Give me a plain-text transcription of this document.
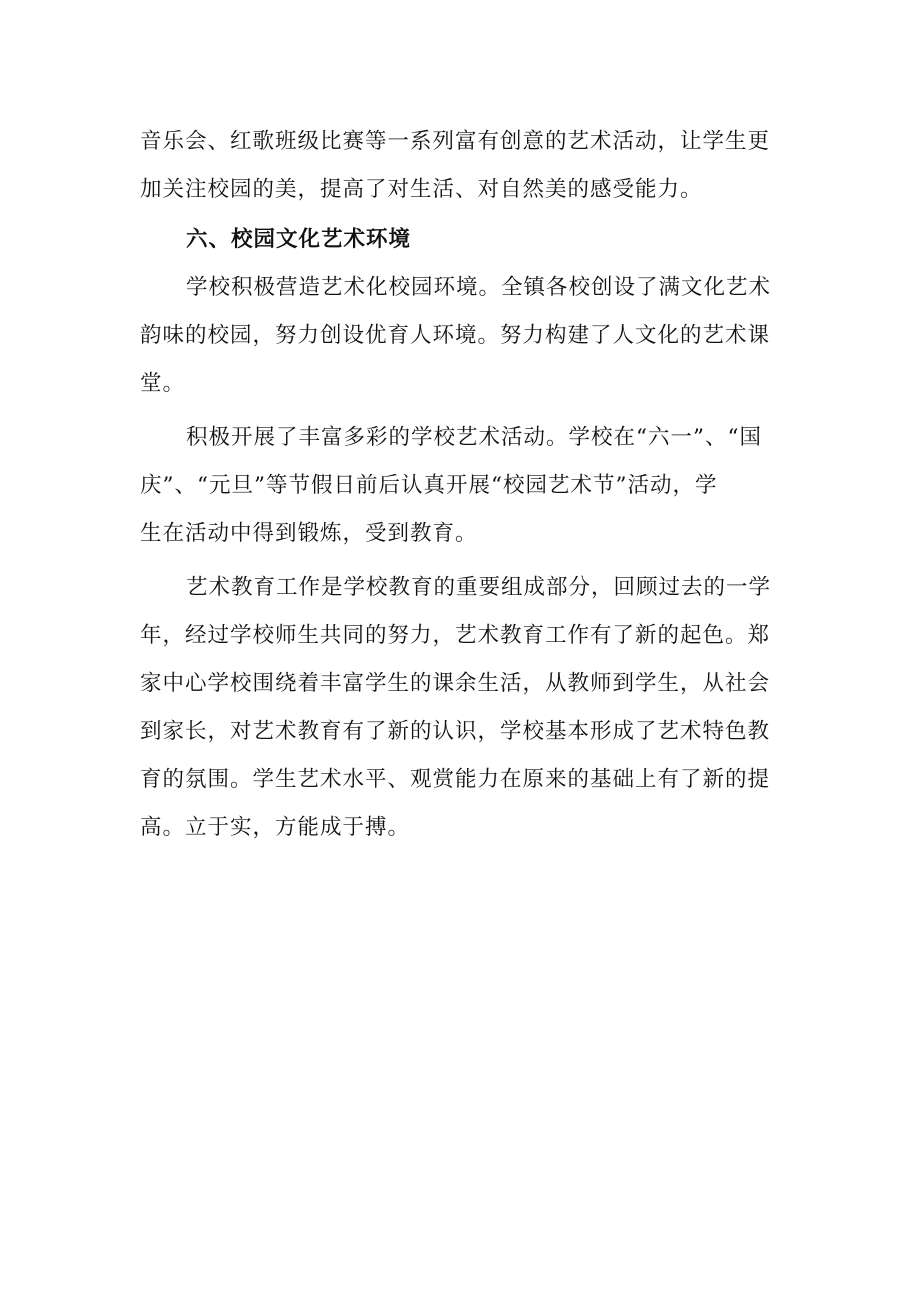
音乐会、红歌班级比赛等一系列富有创意的艺术活动，让学生更
加关注校园的美，提高了对生活、对自然美的感受能力。

六、校园文化艺术环境

学校积极营造艺术化校园环境。全镇各校创设了满文化艺术
韵味的校园，努力创设优育人环境。努力构建了人文化的艺术课
堂。

积极开展了丰富多彩的学校艺术活动。学校在“六一”、“国
庆”、“元旦”等节假日前后认真开展“校园艺术节”活动，学
生在活动中得到锻炼，受到教育。

艺术教育工作是学校教育的重要组成部分，回顾过去的一学
年，经过学校师生共同的努力，艺术教育工作有了新的起色。郑
家中心学校围绕着丰富学生的课余生活，从教师到学生，从社会
到家长，对艺术教育有了新的认识，学校基本形成了艺术特色教
育的氛围。学生艺术水平、观赏能力在原来的基础上有了新的提
高。立于实，方能成于搏。
